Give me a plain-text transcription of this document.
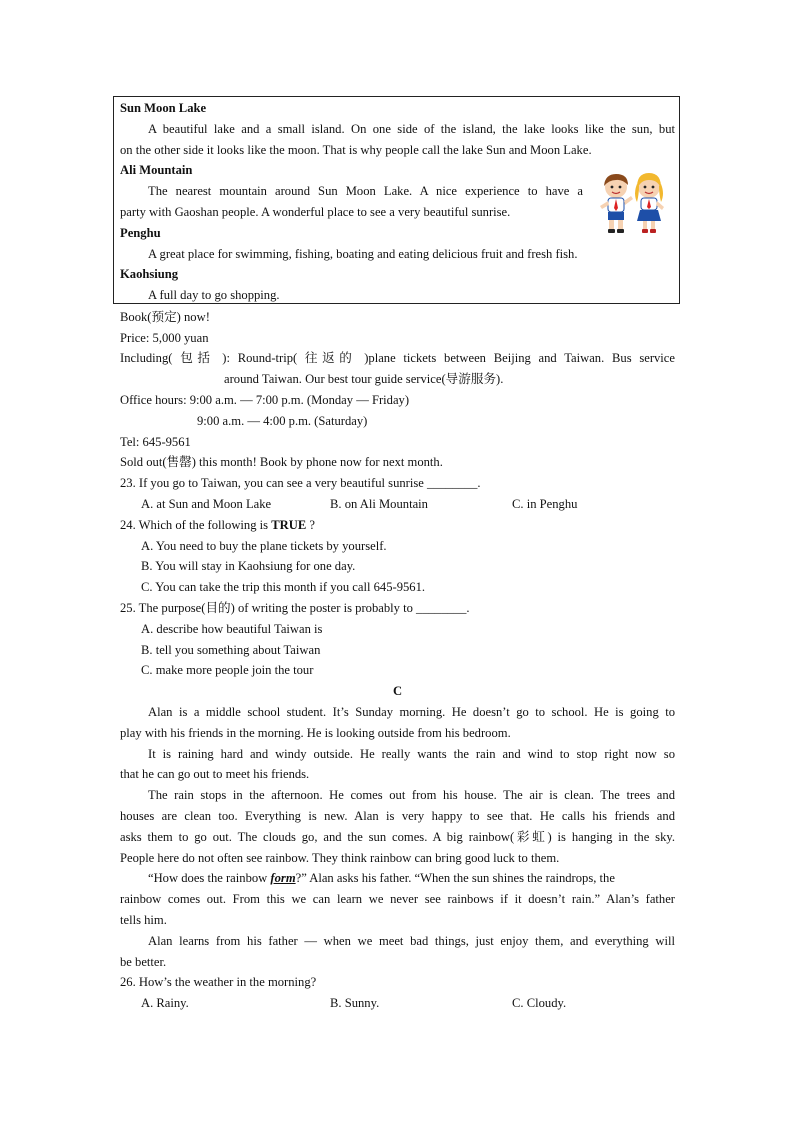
Sun Moon Lake
A beautiful lake and a small island. On one side of the island, the lake looks like the sun, but
on the other side it looks like the moon. That is why people call the lake Sun and Moon Lake.
Ali Mountain
The nearest mountain around Sun Moon Lake. A nice experience to have a
party with Gaoshan people. A wonderful place to see a very beautiful sunrise.
Penghu
A great place for swimming, fishing, boating and eating delicious fruit and fresh fish.
Kaohsiung
A full day to go shopping.
Book(预定) now!
Price: 5,000 yuan
Including( 包括 ): Round-trip( 往返的 )plane tickets between Beijing and Taiwan. Bus service
around Taiwan. Our best tour guide service(导游服务).
Office hours: 9:00 a.m. — 7:00 p.m. (Monday — Friday)
9:00 a.m. — 4:00 p.m. (Saturday)
Tel: 645-9561
Sold out(售罄) this month! Book by phone now for next month.
23. If you go to Taiwan, you can see a very beautiful sunrise ________.
A. at Sun and Moon Lake	B. on Ali Mountain	C. in Penghu
24. Which of the following is TRUE ?
A. You need to buy the plane tickets by yourself.
B. You will stay in Kaohsiung for one day.
C. You can take the trip this month if you call 645-9561.
25. The purpose(目的) of writing the poster is probably to ________.
A. describe how beautiful Taiwan is
B. tell you something about Taiwan
C. make more people join the tour
C
Alan is a middle school student. It’s Sunday morning. He doesn’t go to school. He is going to
play with his friends in the morning. He is looking outside from his bedroom.
It is raining hard and windy outside. He really wants the rain and wind to stop right now so
that he can go out to meet his friends.
The rain stops in the afternoon. He comes out from his house. The air is clean. The trees and
houses are clean too. Everything is new. Alan is very happy to see that. He calls his friends and
asks them to go out. The clouds go, and the sun comes. A big rainbow(彩虹) is hanging in the sky.
People here do not often see rainbow. They think rainbow can bring good luck to them.
“How does the rainbow form?” Alan asks his father. “When the sun shines the raindrops, the
rainbow comes out. From this we can learn we never see rainbows if it doesn’t rain.” Alan’s father
tells him.
Alan learns from his father — when we meet bad things, just enjoy them, and everything will
be better.
26. How’s the weather in the morning?
A. Rainy.	B. Sunny.	C. Cloudy.
